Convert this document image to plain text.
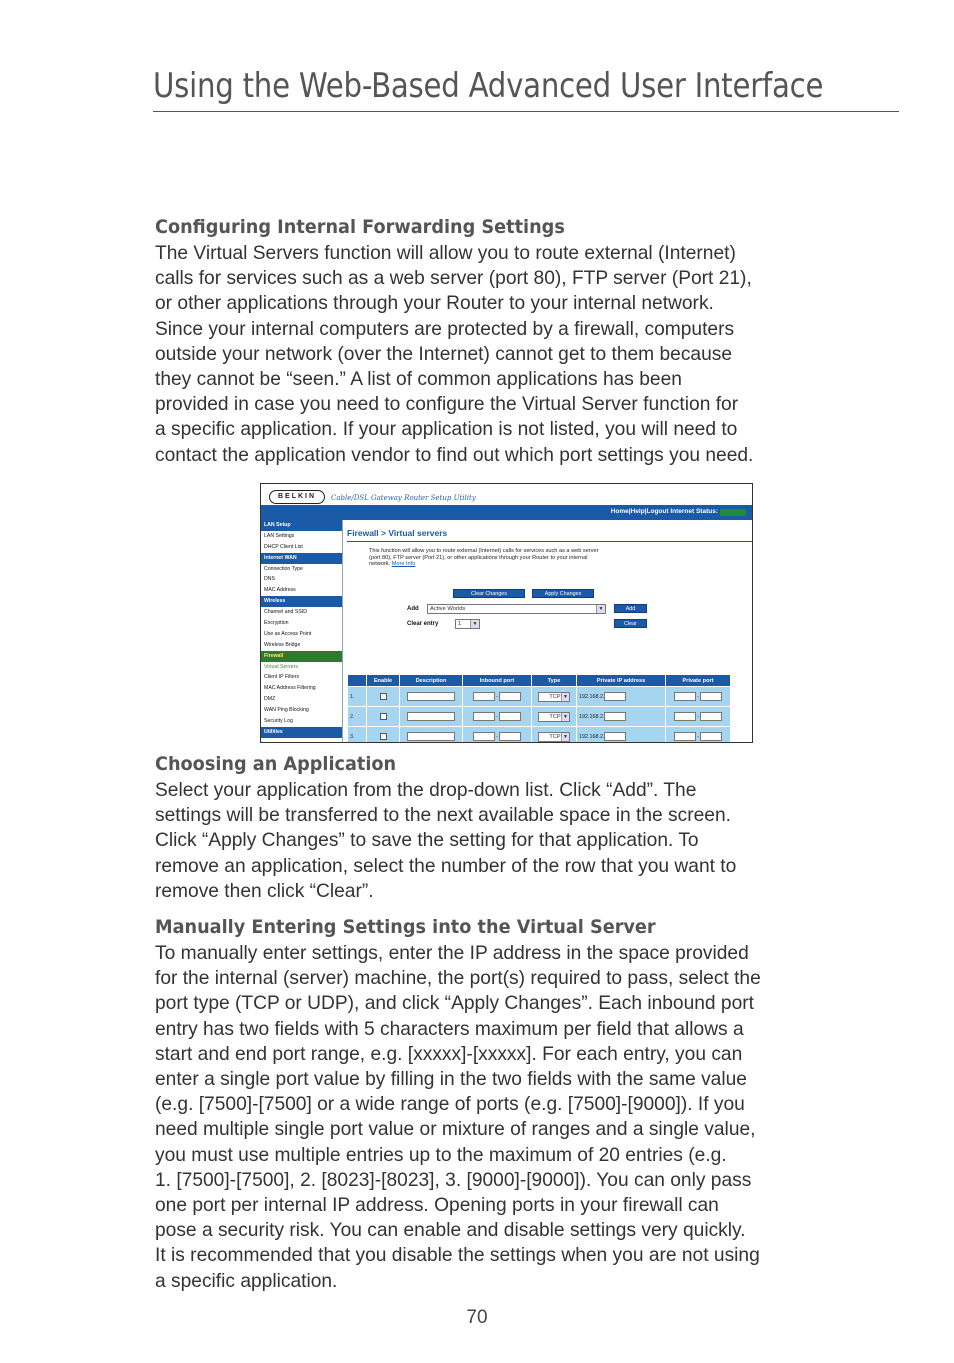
Using the Web-Based Advanced User Interface
Configuring Internal Forwarding Settings
The Virtual Servers function will allow you to route external (Internet)
calls for services such as a web server (port 80), FTP server (Port 21),
or other applications through your Router to your internal network.
Since your internal computers are protected by a firewall, computers
outside your network (over the Internet) cannot get to them because
they cannot be “seen.” A list of common applications has been
provided in case you need to configure the Virtual Server function for
a specific application. If your application is not listed, you will need to
contact the application vendor to find out which port settings you need.
BELKIN	Cable/DSL Gateway Router Setup Utility
Home|Help|Logout Internet Status:
LAN Setup
LAN Settings
DHCP Client List
Internet WAN
Connection Type
DNS
MAC Address
Wireless
Channel and SSID
Encryption
Use as Access Point
Wireless Bridge
Firewall
Virtual Servers
Client IP Filters
MAC Address Filtering
DMZ
WAN Ping Blocking
Security Log
Utilities
Firewall > Virtual servers
This function will allow you to route external (Internet) calls for services such as a web server
(port 80), FTP server (Port 21), or other applications through your Router to your internal
network. More Info
Clear Changes	Apply Changes
Add	Active Worlds	▼	Add
Clear entry	1	▼	Clear
	Enable	Description	Inbound port	Type	Private IP address	Private port
1.			-	TCP ▼	192.168.2.	-
2.			-	TCP ▼	192.168.2.	-
3.			-	TCP ▼	192.168.2.	-

Choosing an Application
Select your application from the drop-down list. Click “Add”. The
settings will be transferred to the next available space in the screen.
Click “Apply Changes” to save the setting for that application. To
remove an application, select the number of the row that you want to
remove then click “Clear”.
Manually Entering Settings into the Virtual Server
To manually enter settings, enter the IP address in the space provided
for the internal (server) machine, the port(s) required to pass, select the
port type (TCP or UDP), and click “Apply Changes”. Each inbound port
entry has two fields with 5 characters maximum per field that allows a
start and end port range, e.g. [xxxxx]-[xxxxx]. For each entry, you can
enter a single port value by filling in the two fields with the same value
(e.g. [7500]-[7500] or a wide range of ports (e.g. [7500]-[9000]). If you
need multiple single port value or mixture of ranges and a single value,
you must use multiple entries up to the maximum of 20 entries (e.g.
1. [7500]-[7500], 2. [8023]-[8023], 3. [9000]-[9000]). You can only pass
one port per internal IP address. Opening ports in your firewall can
pose a security risk. You can enable and disable settings very quickly.
It is recommended that you disable the settings when you are not using
a specific application.
70
